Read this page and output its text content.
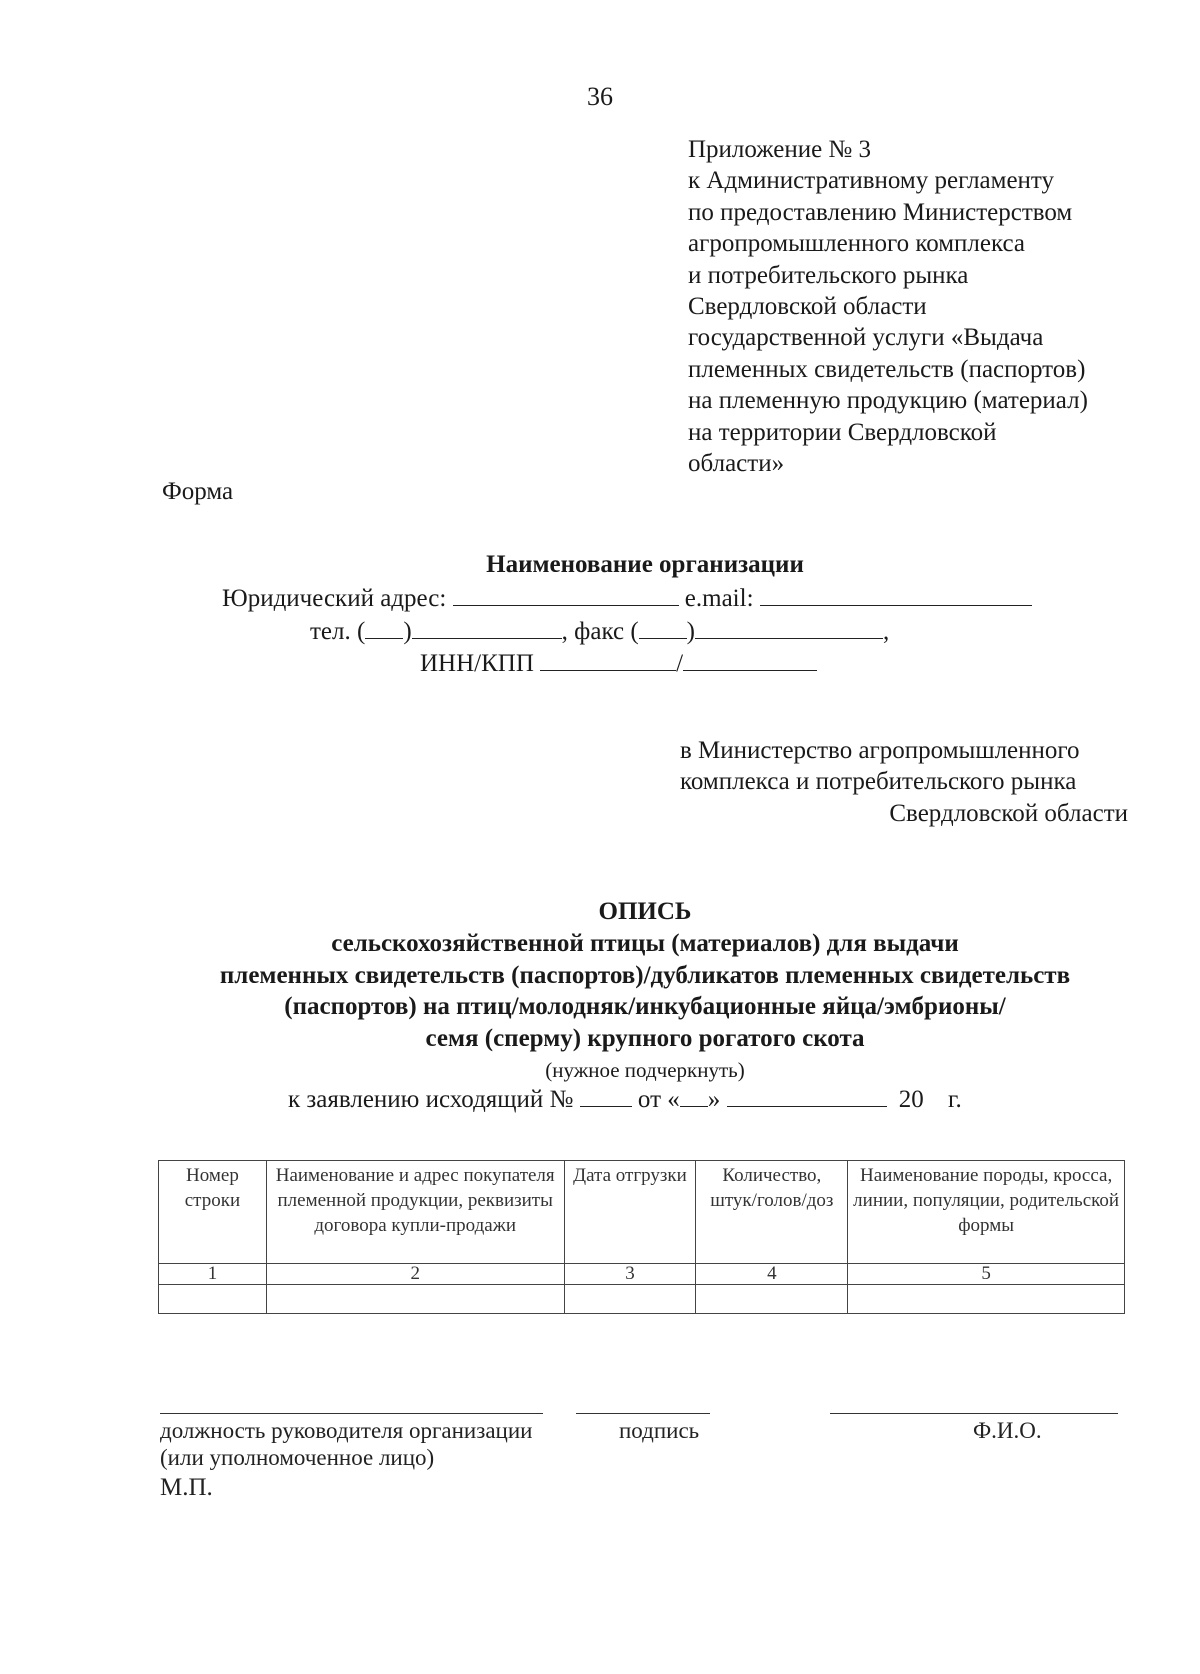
36
Приложение № 3
к Административному регламенту
по предоставлению Министерством
агропромышленного комплекса
и потребительского рынка
Свердловской области
государственной услуги «Выдача
племенных свидетельств (паспортов)
на племенную продукцию (материал)
на территории Свердловской
области»
Форма
Наименование организации
Юридический адрес:	e.mail:
тел. ( )	, факс ( )	,
ИНН/КПП	/
в Министерство агропромышленного
комплекса и потребительского рынка
Свердловской области
ОПИСЬ
сельскохозяйственной птицы (материалов) для выдачи
племенных свидетельств (паспортов)/дубликатов племенных свидетельств
(паспортов) на птиц/молодняк/инкубационные яйца/эмбрионы/
семя (сперму) крупного рогатого скота
(нужное подчеркнуть)
к заявлению исходящий №	от « »	20 г.
Номер строки	Наименование и адрес покупателя племенной продукции, реквизиты договора купли-продажи	Дата отгрузки	Количество, штук/голов/доз	Наименование породы, кросса, линии, популяции, родительской формы
1	2	3	4	5

должность руководителя организации
(или уполномоченное лицо)
М.П.
подпись	Ф.И.О.
